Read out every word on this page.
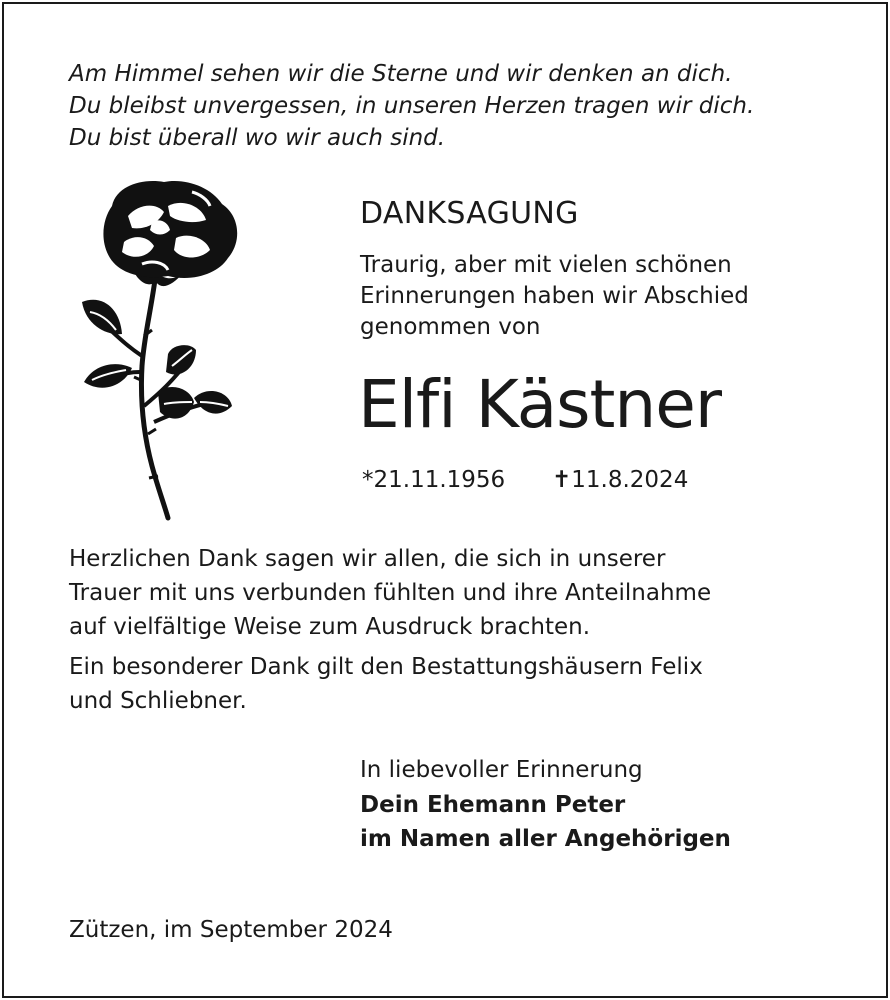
Am Himmel sehen wir die Sterne und wir denken an dich.
Du bleibst unvergessen, in unseren Herzen tragen wir dich.
Du bist überall wo wir auch sind.

DANKSAGUNG

Traurig, aber mit vielen schönen
Erinnerungen haben wir Abschied
genommen von

Elfi Kästner
*21.11.1956 ✝11.8.2024

Herzlichen Dank sagen wir allen, die sich in unserer
Trauer mit uns verbunden fühlten und ihre Anteilnahme
auf vielfältige Weise zum Ausdruck brachten.

Ein besonderer Dank gilt den Bestattungshäusern Felix
und Schliebner.

In liebevoller Erinnerung

Dein Ehemann Peter
im Namen aller Angehörigen

Zützen, im September 2024
